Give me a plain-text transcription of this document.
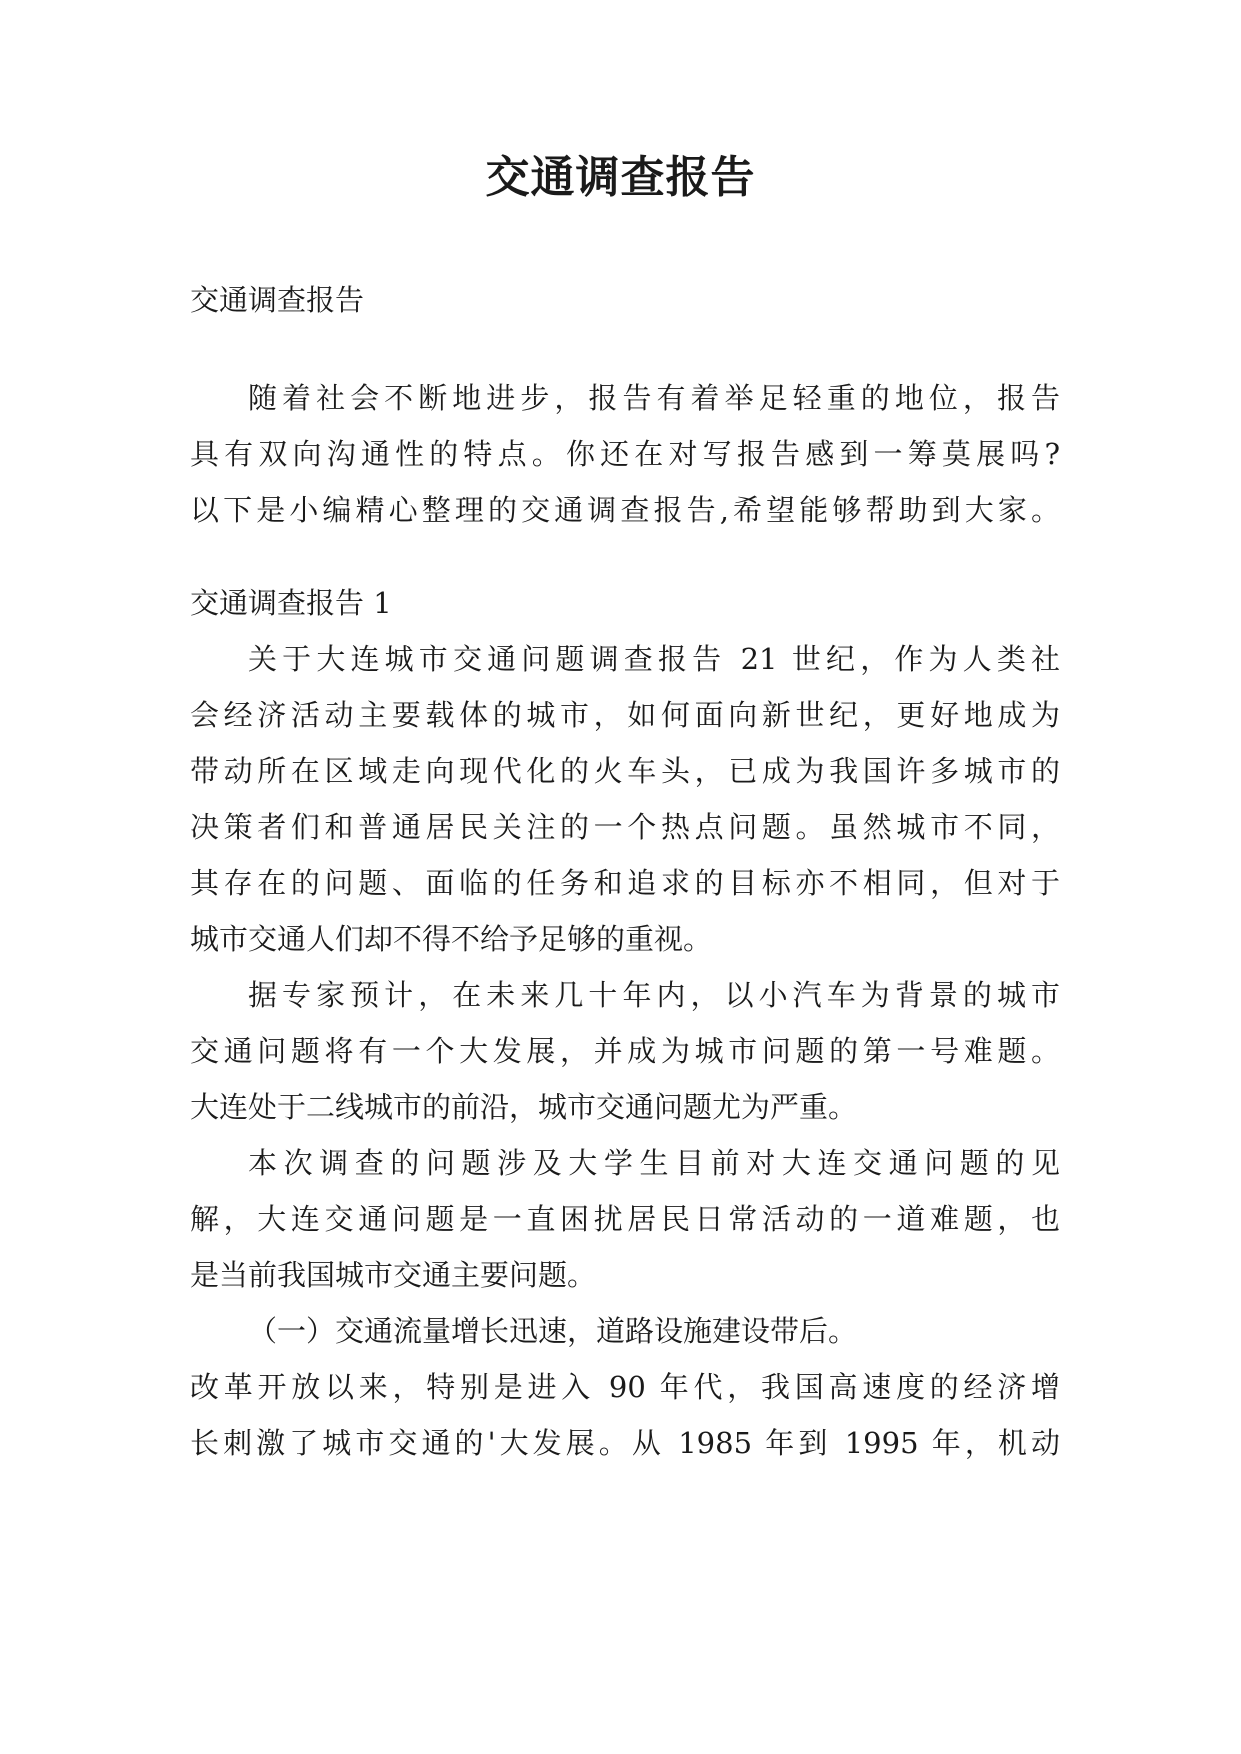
交通调查报告
交通调查报告
随着社会不断地进步，报告有着举足轻重的地位，报告
具有双向沟通性的特点。你还在对写报告感到一筹莫展吗?
以下是小编精心整理的交通调查报告,希望能够帮助到大家。
交通调查报告 1
关于大连城市交通问题调查报告 21 世纪，作为人类社
会经济活动主要载体的城市，如何面向新世纪，更好地成为
带动所在区域走向现代化的火车头，已成为我国许多城市的
决策者们和普通居民关注的一个热点问题。虽然城市不同，
其存在的问题、面临的任务和追求的目标亦不相同，但对于
城市交通人们却不得不给予足够的重视。
据专家预计，在未来几十年内，以小汽车为背景的城市
交通问题将有一个大发展，并成为城市问题的第一号难题。
大连处于二线城市的前沿，城市交通问题尤为严重。
本次调查的问题涉及大学生目前对大连交通问题的见
解，大连交通问题是一直困扰居民日常活动的一道难题，也
是当前我国城市交通主要问题。
（一）交通流量增长迅速，道路设施建设带后。
改革开放以来，特别是进入 90 年代，我国高速度的经济增
长刺激了城市交通的'大发展。从 1985 年到 1995 年，机动
